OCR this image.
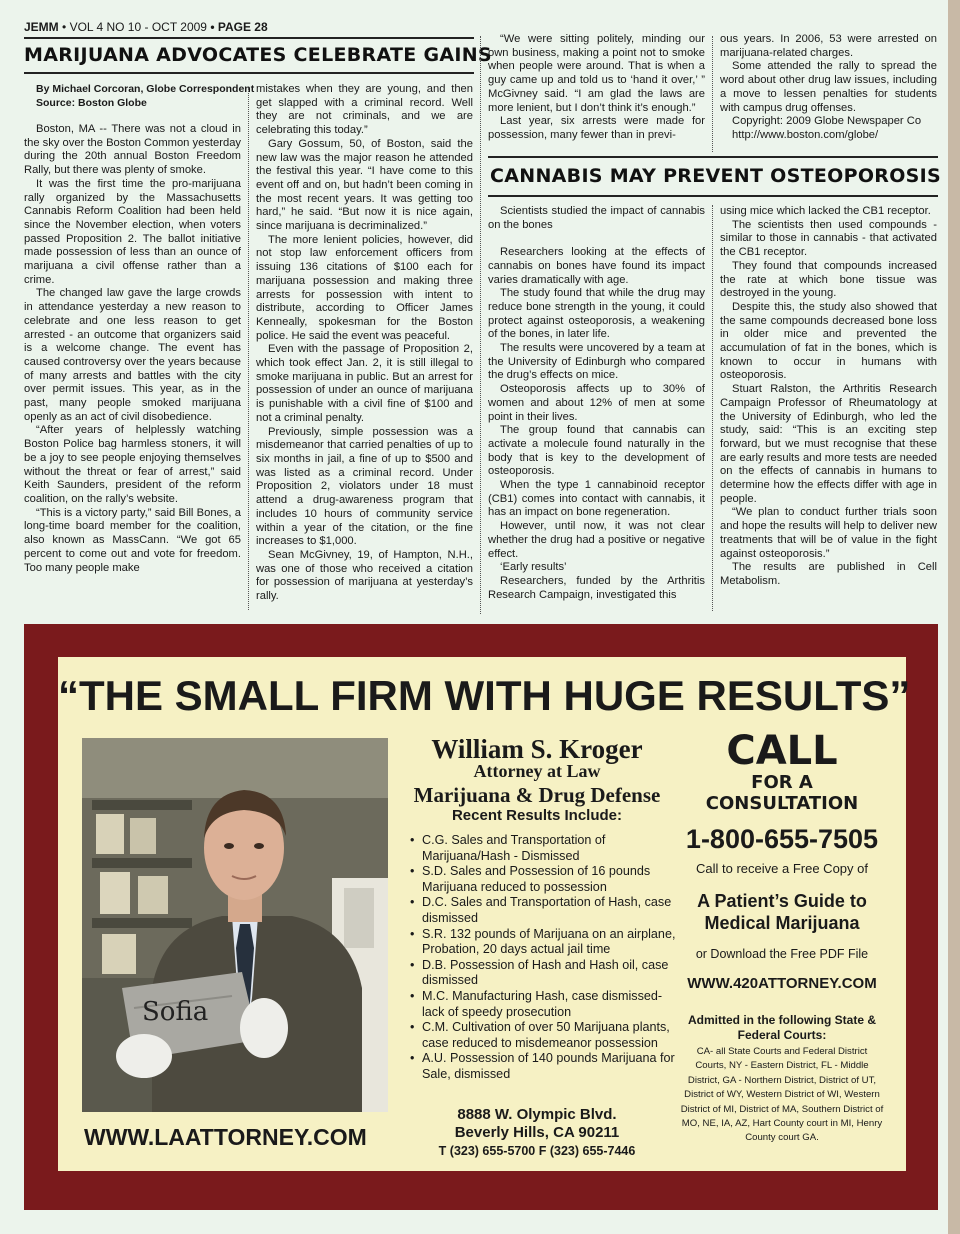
JEMM • VOL 4 NO 10 - OCT 2009 • PAGE 28
MARIJUANA ADVOCATES CELEBRATE GAINS
By Michael Corcoran, Globe Correspondent
Source: Boston Globe

Boston, MA -- There was not a cloud in the sky over the Boston Common yesterday during the 20th annual Boston Freedom Rally, but there was plenty of smoke.

It was the first time the pro-marijuana rally organized by the Massachusetts Cannabis Reform Coalition had been held since the November election, when voters passed Proposition 2. The ballot initiative made possession of less than an ounce of marijuana a civil offense rather than a crime.

The changed law gave the large crowds in attendance yesterday a new reason to celebrate and one less reason to get arrested - an outcome that organizers said is a welcome change. The event has caused controversy over the years because of many arrests and battles with the city over permit issues. This year, as in the past, many people smoked marijuana openly as an act of civil disobedience.

“After years of helplessly watching Boston Police bag harmless stoners, it will be a joy to see people enjoying themselves without the threat or fear of arrest,” said Keith Saunders, president of the reform coalition, on the rally’s website.

“This is a victory party,” said Bill Bones, a long-time board member for the coalition, also known as MassCann. “We got 65 percent to come out and vote for freedom. Too many people make

mistakes when they are young, and then get slapped with a criminal record. Well they are not criminals, and we are celebrating this today.”

Gary Gossum, 50, of Boston, said the new law was the major reason he attended the festival this year. “I have come to this event off and on, but hadn’t been coming in the most recent years. It was getting too hard,” he said. “But now it is nice again, since marijuana is decriminalized.”

The more lenient policies, however, did not stop law enforcement officers from issuing 136 citations of $100 each for marijuana possession and making three arrests for possession with intent to distribute, according to Officer James Kenneally, spokesman for the Boston police. He said the event was peaceful.

Even with the passage of Proposition 2, which took effect Jan. 2, it is still illegal to smoke marijuana in public. But an arrest for possession of under an ounce of marijuana is punishable with a civil fine of $100 and not a criminal penalty.

Previously, simple possession was a misdemeanor that carried penalties of up to six months in jail, a fine of up to $500 and was listed as a criminal record. Under Proposition 2, violators under 18 must attend a drug-awareness program that includes 10 hours of community service within a year of the citation, or the fine increases to $1,000.

Sean McGivney, 19, of Hampton, N.H., was one of those who received a citation for possession of marijuana at yesterday’s rally.

“We were sitting politely, minding our own business, making a point not to smoke when people were around. That is when a guy came up and told us to ‘hand it over,’ ” McGivney said. “I am glad the laws are more lenient, but I don’t think it’s enough.”

Last year, six arrests were made for possession, many fewer than in previ-

ous years. In 2006, 53 were arrested on marijuana-related charges.

Some attended the rally to spread the word about other drug law issues, including a move to lessen penalties for students with campus drug offenses.

Copyright: 2009 Globe Newspaper Co

http://www.boston.com/globe/

CANNABIS MAY PREVENT OSTEOPOROSIS

Scientists studied the impact of cannabis on the bones

Researchers looking at the effects of cannabis on bones have found its impact varies dramatically with age.

The study found that while the drug may reduce bone strength in the young, it could protect against osteoporosis, a weakening of the bones, in later life.

The results were uncovered by a team at the University of Edinburgh who compared the drug’s effects on mice.

Osteoporosis affects up to 30% of women and about 12% of men at some point in their lives.

The group found that cannabis can activate a molecule found naturally in the body that is key to the development of osteoporosis.

When the type 1 cannabinoid receptor (CB1) comes into contact with cannabis, it has an impact on bone regeneration.

However, until now, it was not clear whether the drug had a positive or negative effect.

‘Early results’

Researchers, funded by the Arthritis Research Campaign, investigated this

using mice which lacked the CB1 receptor.

The scientists then used compounds - similar to those in cannabis - that activated the CB1 receptor.

They found that compounds increased the rate at which bone tissue was destroyed in the young.

Despite this, the study also showed that the same compounds decreased bone loss in older mice and prevented the accumulation of fat in the bones, which is known to occur in humans with osteoporosis.

Stuart Ralston, the Arthritis Research Campaign Professor of Rheumatology at the University of Edinburgh, who led the study, said: “This is an exciting step forward, but we must recognise that these are early results and more tests are needed on the effects of cannabis in humans to determine how the effects differ with age in people.

“We plan to conduct further trials soon and hope the results will help to deliver new treatments that will be of value in the fight against osteoporosis.”

The results are published in Cell Metabolism.

“THE SMALL FIRM WITH HUGE RESULTS”
Sofia
WWW.LAATTORNEY.COM
William S. Kroger
Attorney at Law
Marijuana & Drug Defense
Recent Results Include:
• C.G. Sales and Transportation of Marijuana/Hash - Dismissed
• S.D. Sales and Possession of 16 pounds Marijuana reduced to possession
• D.C. Sales and Transportation of Hash, case dismissed
• S.R. 132 pounds of Marijuana on an airplane, Probation, 20 days actual jail time
• D.B. Possession of Hash and Hash oil, case dismissed
• M.C. Manufacturing Hash, case dismissed-lack of speedy prosecution
• C.M. Cultivation of over 50 Marijuana plants, case reduced to misdemeanor possession
• A.U. Possession of 140 pounds Marijuana for Sale, dismissed
8888 W. Olympic Blvd.
Beverly Hills, CA 90211
T (323) 655-5700 F (323) 655-7446
CALL
FOR A
CONSULTATION
1-800-655-7505
Call to receive a Free Copy of
A Patient’s Guide to Medical Marijuana
or Download the Free PDF File
WWW.420ATTORNEY.COM
Admitted in the following State & Federal Courts:
CA- all State Courts and Federal District Courts, NY - Eastern District, FL - Middle District, GA - Northern District, District of UT, District of WY, Western District of WI, Western District of MI, District of MA, Southern District of MO, NE, IA, AZ, Hart County court in MI, Henry County court GA.
